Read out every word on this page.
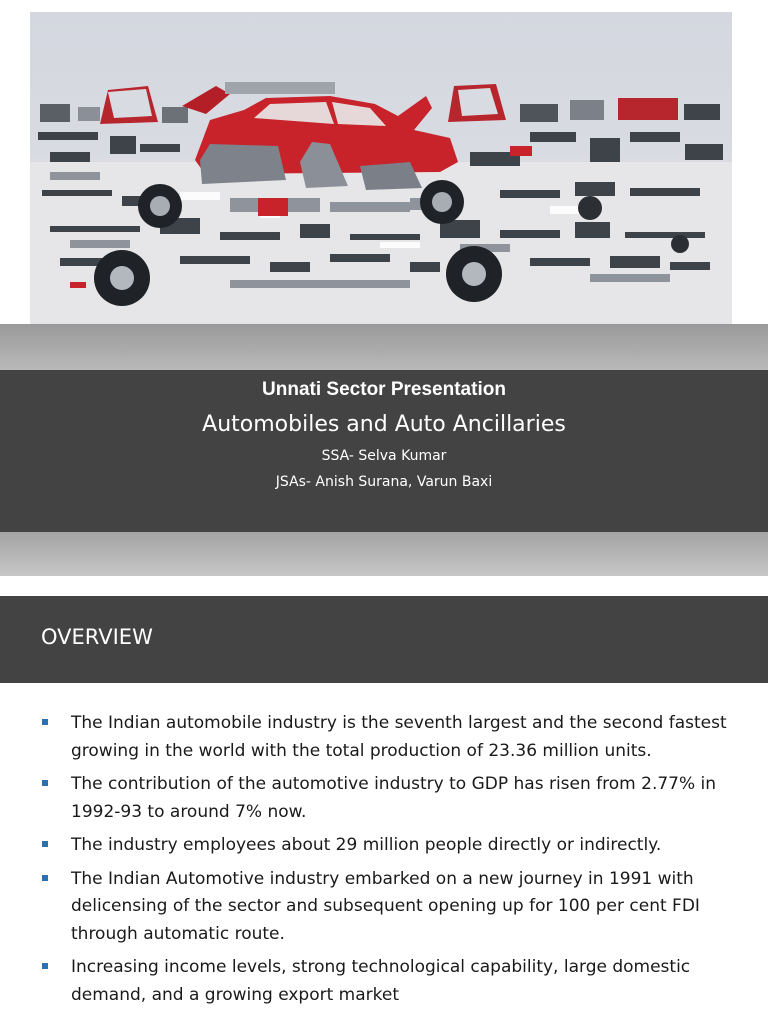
Unnati Sector Presentation
Automobiles and Auto Ancillaries
SSA- Selva Kumar
JSAs- Anish Surana, Varun Baxi
OVERVIEW
The Indian automobile industry is the seventh largest and the second fastest growing in the world with the total production of 23.36 million units.
The contribution of the automotive industry to GDP has risen from 2.77% in 1992-93 to around 7% now.
The industry employees about 29 million people directly or indirectly.
The Indian Automotive industry embarked on a new journey in 1991 with delicensing of the sector and subsequent opening up for 100 per cent FDI through automatic route.
Increasing income levels, strong technological capability, large domestic demand, and a growing export market
